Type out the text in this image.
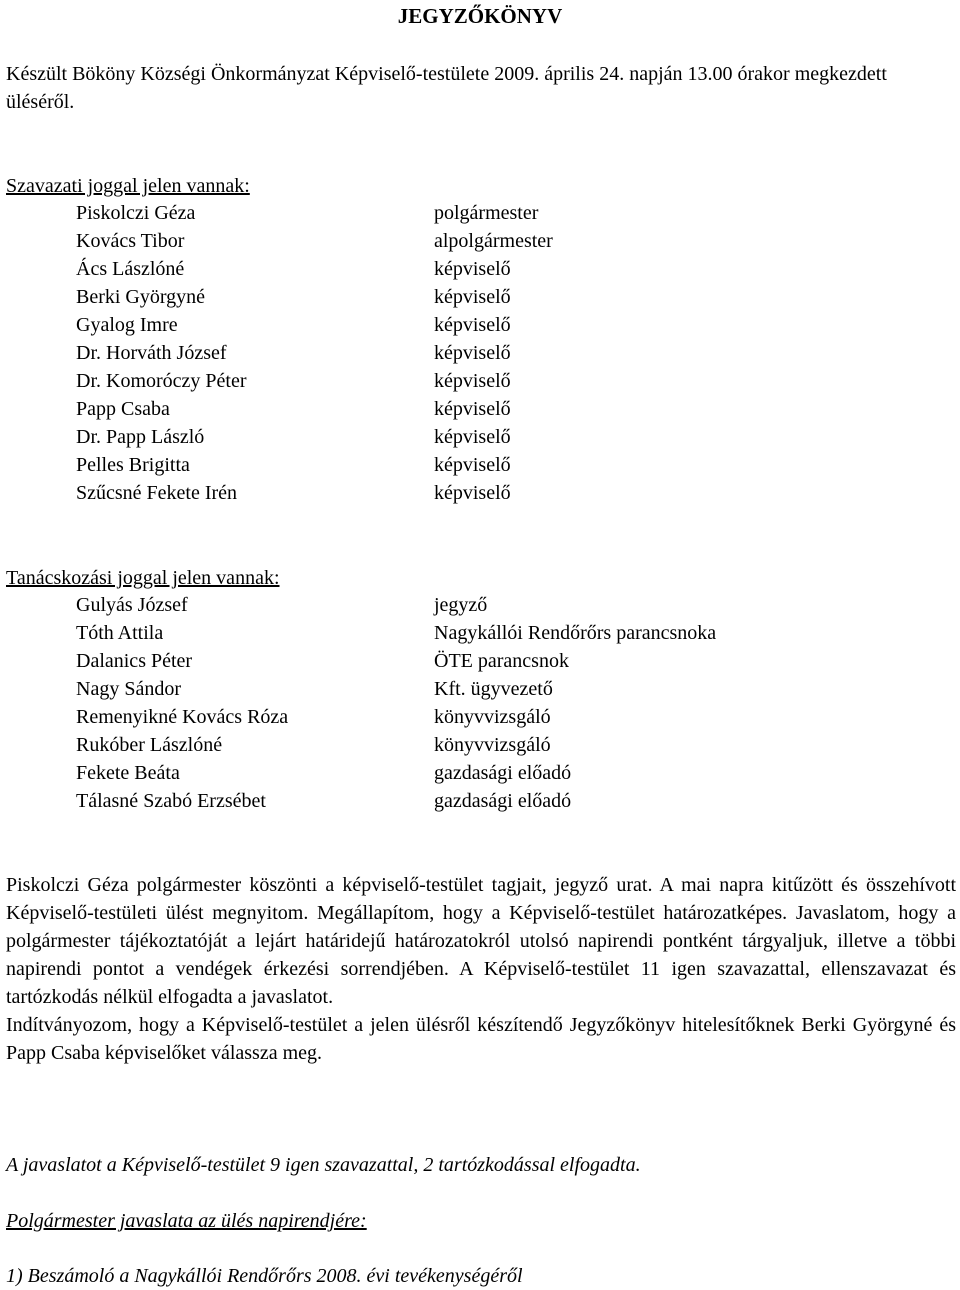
JEGYZŐKÖNYV
Készült Bököny Községi Önkormányzat Képviselő-testülete 2009. április 24. napján 13.00 órakor megkezdett üléséről.
Szavazati joggal jelen vannak:
Piskolczi Géza	polgármester
Kovács Tibor	alpolgármester
Ács Lászlóné	képviselő
Berki Györgyné	képviselő
Gyalog Imre	képviselő
Dr. Horváth József	képviselő
Dr. Komoróczy Péter	képviselő
Papp Csaba	képviselő
Dr. Papp László	képviselő
Pelles Brigitta	képviselő
Szűcsné Fekete Irén	képviselő
Tanácskozási joggal jelen vannak:
Gulyás József	jegyző
Tóth Attila	Nagykállói Rendőrőrs parancsnoka
Dalanics Péter	ÖTE parancsnok
Nagy Sándor	Kft. ügyvezető
Remenyikné Kovács Róza	könyvvizsgáló
Rukóber Lászlóné	könyvvizsgáló
Fekete Beáta	gazdasági előadó
Tálasné Szabó Erzsébet	gazdasági előadó

Piskolczi Géza polgármester köszönti a képviselő-testület tagjait, jegyző urat. A mai napra kitűzött és összehívott Képviselő-testületi ülést megnyitom. Megállapítom, hogy a Képviselő-testület határozatképes. Javaslatom, hogy a polgármester tájékoztatóját a lejárt határidejű határozatokról utolsó napirendi pontként tárgyaljuk, illetve a többi napirendi pontot a vendégek érkezési sorrendjében. A Képviselő-testület 11 igen szavazattal, ellenszavazat és tartózkodás nélkül elfogadta a javaslatot.

Indítványozom, hogy a Képviselő-testület a jelen ülésről készítendő Jegyzőkönyv hitelesítőknek Berki Györgyné és Papp Csaba képviselőket válassza meg.

A javaslatot a Képviselő-testület 9 igen szavazattal, 2 tartózkodással elfogadta.
Polgármester javaslata az ülés napirendjére:
1) Beszámoló a Nagykállói Rendőrőrs 2008. évi tevékenységéről
